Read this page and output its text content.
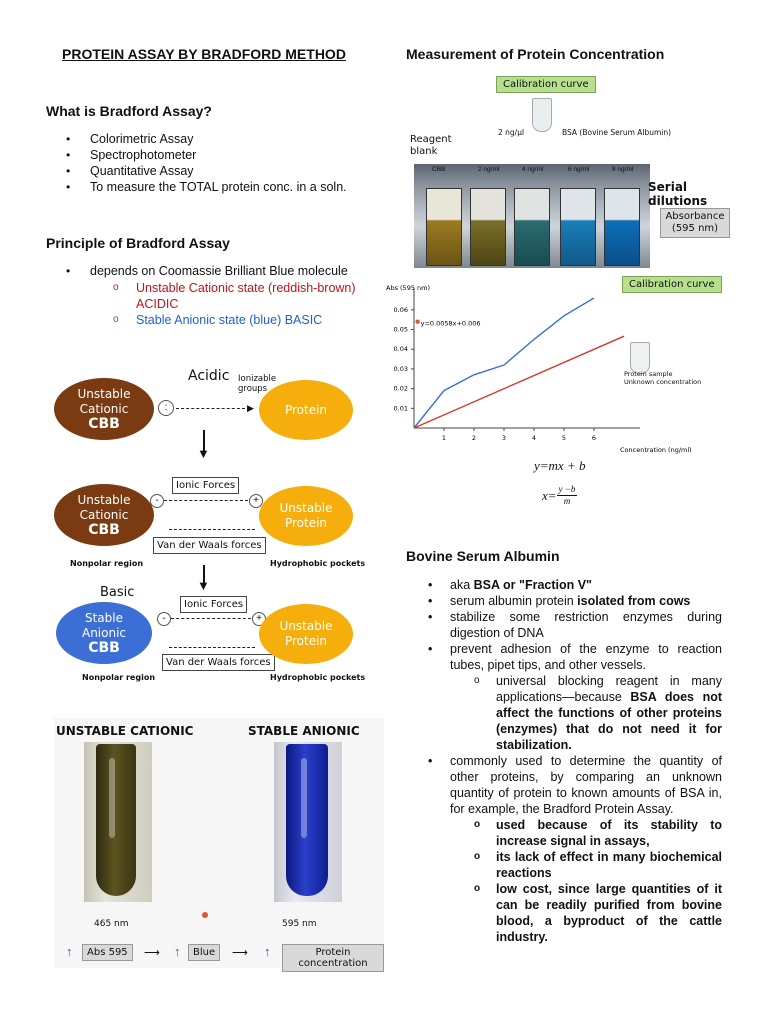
PROTEIN ASSAY BY BRADFORD METHOD
What is Bradford Assay?
• Colorimetric Assay
• Spectrophotometer
• Quantitative Assay
• To measure the TOTAL protein conc. in a soln.
Principle of Bradford Assay
• depends on Coomassie Brilliant Blue molecule
o Unstable Cationic state (reddish-brown) ACIDIC
o Stable Anionic state (blue) BASIC
Acidic Ionizable groups
Unstable
Cationic
CBB
:	▶	Protein
▼
Unstable
Cationic
CBB
Ionic Forces
-	+
Van der Waals forces
Unstable
Protein
Nonpolar region	Hydrophobic pockets
▼
Basic
Stable
Anionic
CBB
Ionic Forces
-	+
Van der Waals forces
Unstable
Protein
Nonpolar region	Hydrophobic pockets
UNSTABLE CATIONIC	STABLE ANIONIC
465 nm	595 nm
↑	Abs 595	⟶ ↑	Blue	⟶ ↑	Protein concentration
Measurement of Protein Concentration
Calibration curve
2 ng/µl	BSA (Bovine Serum Albumin)
Reagent blank
CBB	2 ng/ml	4 ng/ml	6 ng/ml	8 ng/ml
Serial dilutions
Absorbance (595 nm)
1	2	3	4	5	6
0.01
0.02
0.03
0.04
0.05
0.06
Abs (595 nm)
Concentration (ng/ml)
y=0.0058x+0.006
Calibration curve
Protein sample Unknown concentration
y=mx + b
$x= \frac{y -b}{m}$
Bovine Serum Albumin
• aka BSA or "Fraction V"
• serum albumin protein isolated from cows
• stabilize some restriction enzymes during digestion of DNA
• prevent adhesion of the enzyme to reaction tubes, pipet tips, and other vessels.
o universal blocking reagent in many applications—because BSA does not affect the functions of other proteins (enzymes) that do not need it for stabilization.
• commonly used to determine the quantity of other proteins, by comparing an unknown quantity of protein to known amounts of BSA in, for example, the Bradford Protein Assay.
o used because of its stability to increase signal in assays,
o its lack of effect in many biochemical reactions
o low cost, since large quantities of it can be readily purified from bovine blood, a byproduct of the cattle industry.
